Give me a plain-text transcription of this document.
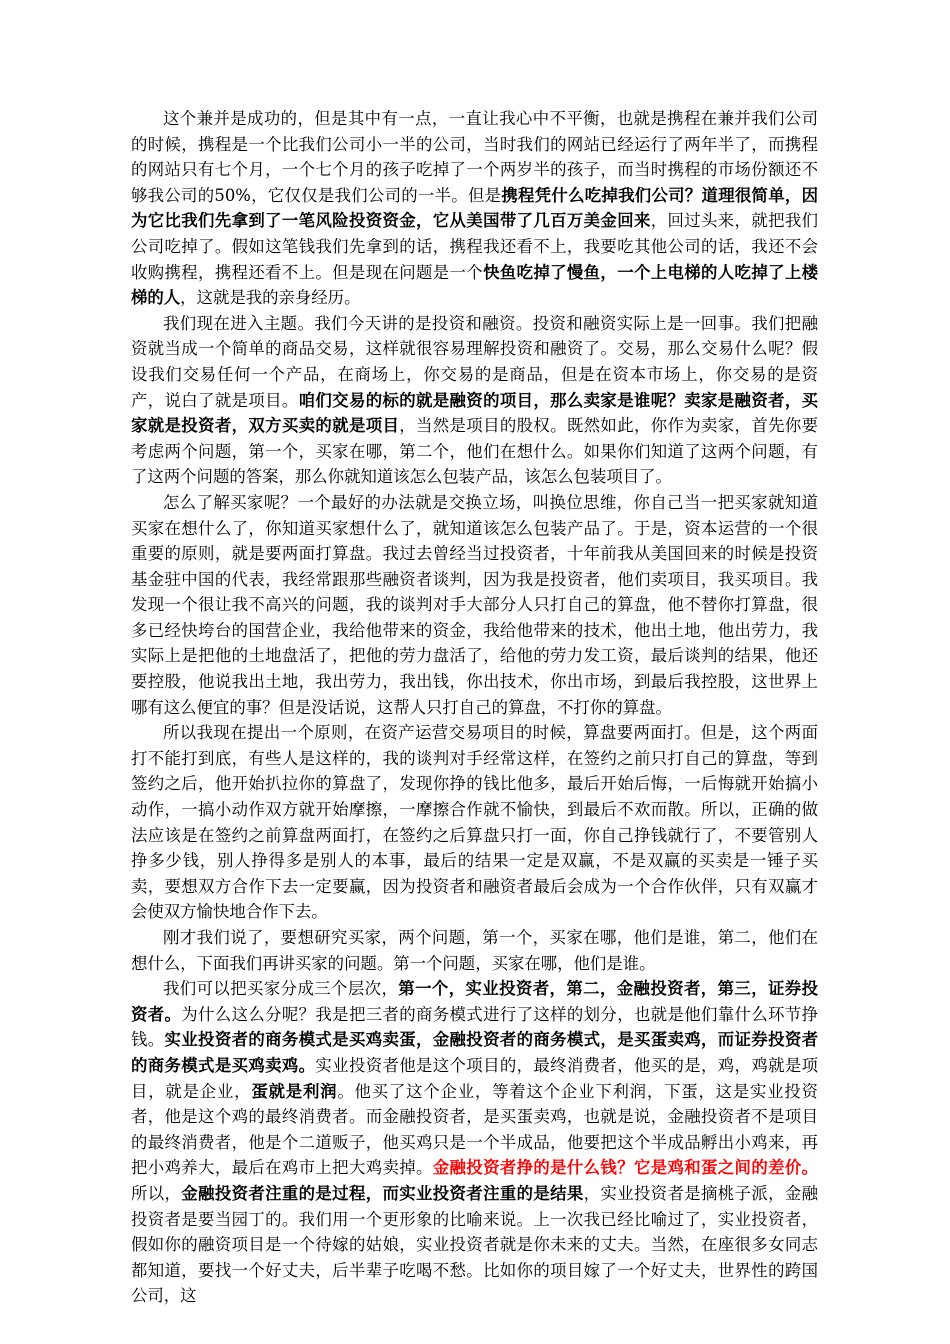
这个兼并是成功的，但是其中有一点，一直让我心中不平衡，也就是携程在兼并我们公司的时候，携程是一个比我们公司小一半的公司，当时我们的网站已经运行了两年半了，而携程的网站只有七个月，一个七个月的孩子吃掉了一个两岁半的孩子，而当时携程的市场份额还不够我公司的50%，它仅仅是我们公司的一半。但是携程凭什么吃掉我们公司？道理很简单，因为它比我们先拿到了一笔风险投资资金，它从美国带了几百万美金回来，回过头来，就把我们公司吃掉了。假如这笔钱我们先拿到的话，携程我还看不上，我要吃其他公司的话，我还不会收购携程，携程还看不上。但是现在问题是一个快鱼吃掉了慢鱼，一个上电梯的人吃掉了上楼梯的人，这就是我的亲身经历。

我们现在进入主题。我们今天讲的是投资和融资。投资和融资实际上是一回事。我们把融资就当成一个简单的商品交易，这样就很容易理解投资和融资了。交易，那么交易什么呢？假设我们交易任何一个产品，在商场上，你交易的是商品，但是在资本市场上，你交易的是资产，说白了就是项目。咱们交易的标的就是融资的项目，那么卖家是谁呢？卖家是融资者，买家就是投资者，双方买卖的就是项目，当然是项目的股权。既然如此，你作为卖家，首先你要考虑两个问题，第一个，买家在哪，第二个，他们在想什么。如果你们知道了这两个问题，有了这两个问题的答案，那么你就知道该怎么包装产品，该怎么包装项目了。

怎么了解买家呢？一个最好的办法就是交换立场，叫换位思维，你自己当一把买家就知道买家在想什么了，你知道买家想什么了，就知道该怎么包装产品了。于是，资本运营的一个很重要的原则，就是要两面打算盘。我过去曾经当过投资者，十年前我从美国回来的时候是投资基金驻中国的代表，我经常跟那些融资者谈判，因为我是投资者，他们卖项目，我买项目。我发现一个很让我不高兴的问题，我的谈判对手大部分人只打自己的算盘，他不替你打算盘，很多已经快垮台的国营企业，我给他带来的资金，我给他带来的技术，他出土地，他出劳力，我实际上是把他的土地盘活了，把他的劳力盘活了，给他的劳力发工资，最后谈判的结果，他还要控股，他说我出土地，我出劳力，我出钱，你出技术，你出市场，到最后我控股，这世界上哪有这么便宜的事？但是没话说，这帮人只打自己的算盘，不打你的算盘。

所以我现在提出一个原则，在资产运营交易项目的时候，算盘要两面打。但是，这个两面打不能打到底，有些人是这样的，我的谈判对手经常这样，在签约之前只打自己的算盘，等到签约之后，他开始扒拉你的算盘了，发现你挣的钱比他多，最后开始后悔，一后悔就开始搞小动作，一搞小动作双方就开始摩擦，一摩擦合作就不愉快，到最后不欢而散。所以，正确的做法应该是在签约之前算盘两面打，在签约之后算盘只打一面，你自己挣钱就行了，不要管别人挣多少钱，别人挣得多是别人的本事，最后的结果一定是双赢，不是双赢的买卖是一锤子买卖，要想双方合作下去一定要赢，因为投资者和融资者最后会成为一个合作伙伴，只有双赢才会使双方愉快地合作下去。

刚才我们说了，要想研究买家，两个问题，第一个，买家在哪，他们是谁，第二，他们在想什么，下面我们再讲买家的问题。第一个问题，买家在哪，他们是谁。

我们可以把买家分成三个层次，第一个，实业投资者，第二，金融投资者，第三，证券投资者。为什么这么分呢？我是把三者的商务模式进行了这样的划分，也就是他们靠什么环节挣钱。实业投资者的商务模式是买鸡卖蛋，金融投资者的商务模式，是买蛋卖鸡，而证券投资者的商务模式是买鸡卖鸡。实业投资者他是这个项目的，最终消费者，他买的是，鸡，鸡就是项目，就是企业，蛋就是利润。他买了这个企业，等着这个企业下利润，下蛋，这是实业投资者，他是这个鸡的最终消费者。而金融投资者，是买蛋卖鸡，也就是说，金融投资者不是项目的最终消费者，他是个二道贩子，他买鸡只是一个半成品，他要把这个半成品孵出小鸡来，再把小鸡养大，最后在鸡市上把大鸡卖掉。金融投资者挣的是什么钱？它是鸡和蛋之间的差价。所以，金融投资者注重的是过程，而实业投资者注重的是结果，实业投资者是摘桃子派，金融投资者是要当园丁的。我们用一个更形象的比喻来说。上一次我已经比喻过了，实业投资者，假如你的融资项目是一个待嫁的姑娘，实业投资者就是你未来的丈夫。当然，在座很多女同志都知道，要找一个好丈夫，后半辈子吃喝不愁。比如你的项目嫁了一个好丈夫，世界性的跨国公司，这
